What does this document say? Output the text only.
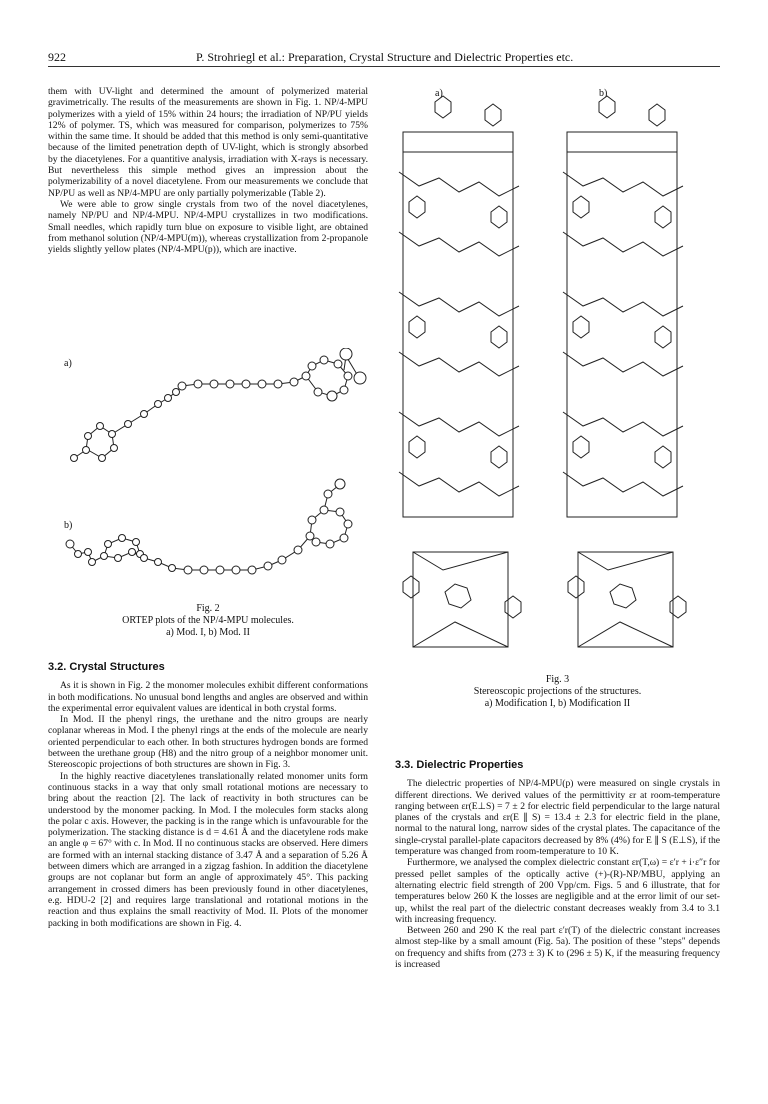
922	P. Strohriegl et al.: Preparation, Crystal Structure and Dielectric Properties etc.

them with UV-light and determined the amount of polymerized material gravimetrically. The results of the measurements are shown in Fig. 1. NP/4-MPU polymerizes with a yield of 15% within 24 hours; the irradiation of NP/PU yields 12% of polymer. TS, which was measured for comparison, polymerizes to 75% within the same time. It should be added that this method is only semi-quantitative because of the limited penetration depth of UV-light, which is strongly absorbed by the diacetylenes. For a quantitive analysis, irradiation with X-rays is necessary. But nevertheless this simple method gives an impression about the polymerizability of a novel diacetylene. From our measurements we conclude that NP/PU as well as NP/4-MPU are only partially polymerizable (Table 2).

We were able to grow single crystals from two of the novel diacetylenes, namely NP/PU and NP/4-MPU. NP/4-MPU crystallizes in two modifications. Small needles, which rapidly turn blue on exposure to visible light, are obtained from methanol solution (NP/4-MPU(m)), whereas crystallization from 2-propanole yields slightly yellow plates (NP/4-MPU(p)), which are inactive.

a)
b)
Fig. 2
ORTEP plots of the NP/4-MPU molecules.
a) Mod. I, b) Mod. II
3.2. Crystal Structures

As it is shown in Fig. 2 the monomer molecules exhibit different conformations in both modifications. No unusual bond lengths and angles are observed and within the experimental error equivalent values are identical in both crystal forms.

In Mod. II the phenyl rings, the urethane and the nitro groups are nearly coplanar whereas in Mod. I the phenyl rings at the ends of the molecule are nearly oriented perpendicular to each other. In both structures hydrogen bonds are formed between the urethane group (H8) and the nitro group of a neighbor monomer unit. Stereoscopic projections of both structures are shown in Fig. 3.

In the highly reactive diacetylenes translationally related monomer units form continuous stacks in a way that only small rotational motions are necessary to bring about the reaction [2]. The lack of reactivity in both structures can be understood by the monomer packing. In Mod. I the molecules form stacks along the polar c axis. However, the packing is in the range which is unfavourable for the polymerization. The stacking distance is d = 4.61 Å and the diacetylene rods make an angle φ = 67° with c. In Mod. II no continuous stacks are observed. Here dimers are formed with an internal stacking distance of 3.47 Å and a separation of 5.26 Å between dimers which are arranged in a zigzag fashion. In addition the diacetylene groups are not coplanar but form an angle of approximately 45°. This packing arrangement in crossed dimers has been previously found in other diacetylenes, e.g. HDU-2 [2] and requires large translational and rotational motions in the reaction and thus explains the small reactivity of Mod. II. Plots of the monomer packing in both modifications are shown in Fig. 4.

a)	b)
Fig. 3
Stereoscopic projections of the structures.
a) Modification I, b) Modification II
3.3. Dielectric Properties

The dielectric properties of NP/4-MPU(p) were measured on single crystals in different directions. We derived values of the permittivity εr at room-temperature ranging between εr(E⊥S) = 7 ± 2 for electric field perpendicular to the large natural planes of the crystals and εr(E ∥ S) = 13.4 ± 2.3 for electric field in the plane, normal to the natural long, narrow sides of the crystal plates. The capacitance of the single-crystal parallel-plate capacitors decreased by 8% (4%) for E ∥ S (E⊥S), if the temperature was changed from room-temperature to 10 K.

Furthermore, we analysed the complex dielectric constant εr(T,ω) = ε′r + i·ε″r for pressed pellet samples of the optically active (+)-(R)-NP/MBU, applying an alternating electric field strength of 200 Vpp/cm. Figs. 5 and 6 illustrate, that for temperatures below 260 K the losses are negligible and at the error limit of our set-up, whilst the real part of the dielectric constant decreases weakly from 3.4 to 3.1 with increasing frequency.

Between 260 and 290 K the real part ε′r(T) of the dielectric constant increases almost step-like by a small amount (Fig. 5a). The position of these "steps" depends on frequency and shifts from (273 ± 3) K to (296 ± 5) K, if the measuring frequency is increased
